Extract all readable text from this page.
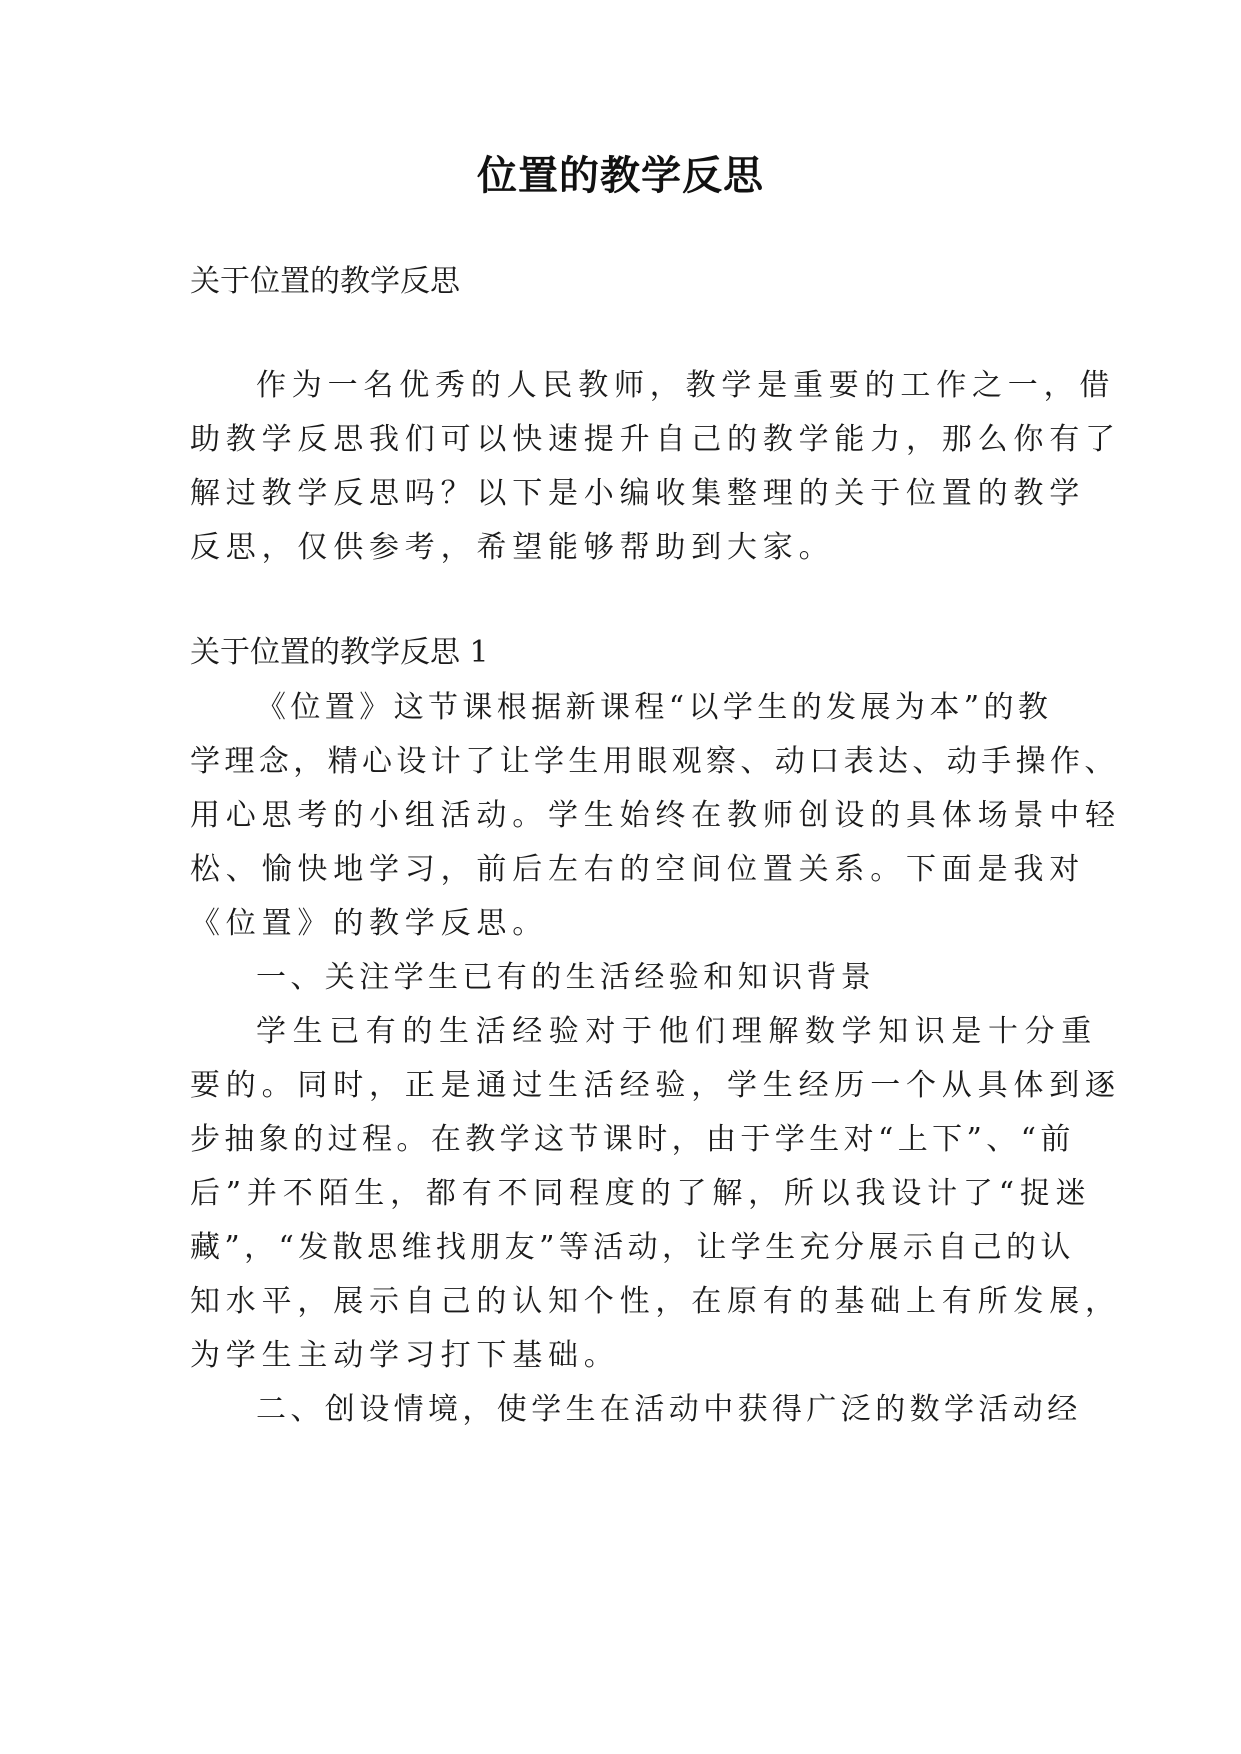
位置的教学反思
关于位置的教学反思
作为一名优秀的人民教师，教学是重要的工作之一，借
助教学反思我们可以快速提升自己的教学能力，那么你有了
解过教学反思吗？以下是小编收集整理的关于位置的教学
反思，仅供参考，希望能够帮助到大家。
关于位置的教学反思 1
《位置》这节课根据新课程“以学生的发展为本”的教
学理念，精心设计了让学生用眼观察、动口表达、动手操作、
用心思考的小组活动。学生始终在教师创设的具体场景中轻
松、愉快地学习，前后左右的空间位置关系。下面是我对
《位置》的教学反思。
一、关注学生已有的生活经验和知识背景
学生已有的生活经验对于他们理解数学知识是十分重
要的。同时，正是通过生活经验，学生经历一个从具体到逐
步抽象的过程。在教学这节课时，由于学生对“上下”、“前
后”并不陌生，都有不同程度的了解，所以我设计了“捉迷
藏”，“发散思维找朋友”等活动，让学生充分展示自己的认
知水平，展示自己的认知个性，在原有的基础上有所发展，
为学生主动学习打下基础。
二、创设情境，使学生在活动中获得广泛的数学活动经
